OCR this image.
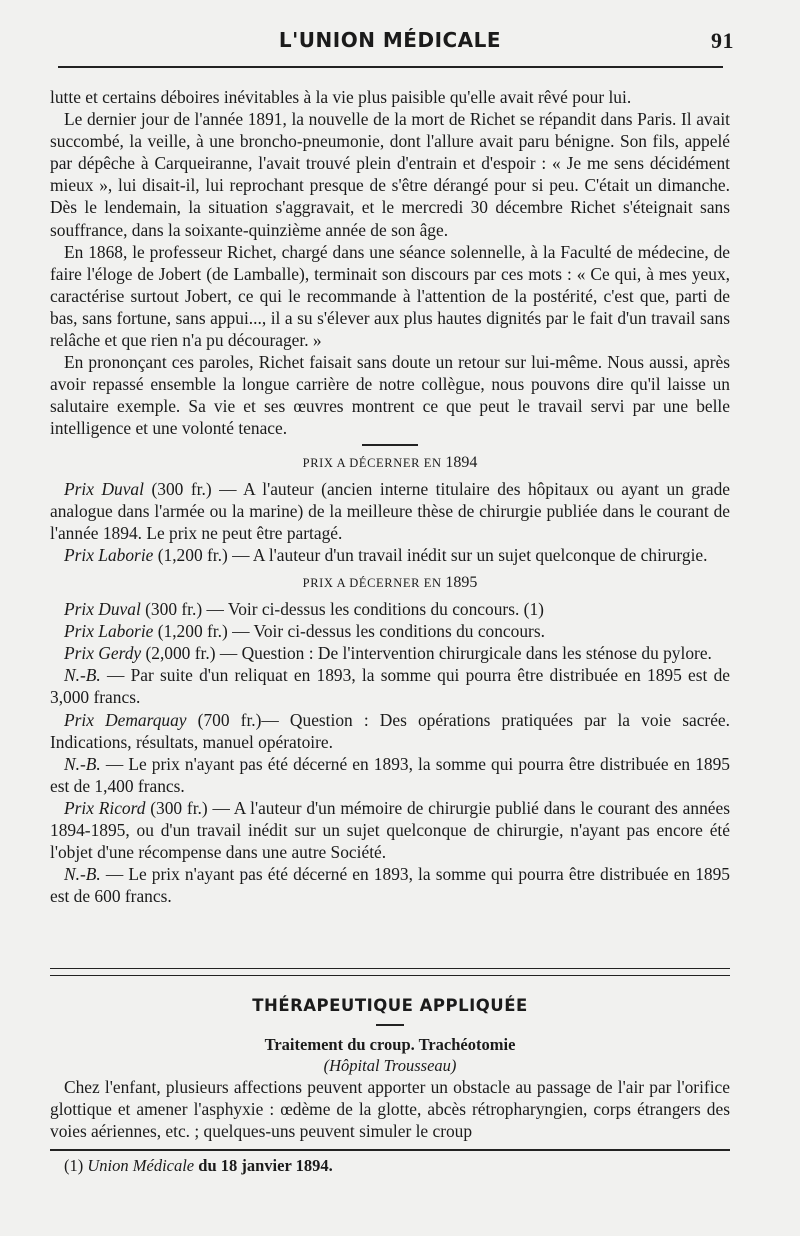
L'UNION MÉDICALE	91

lutte et certains déboires inévitables à la vie plus paisible qu'elle avait rêvé pour lui.

Le dernier jour de l'année 1891, la nouvelle de la mort de Richet se répandit dans Paris. Il avait succombé, la veille, à une broncho-pneumonie, dont l'allure avait paru bénigne. Son fils, appelé par dépêche à Carqueiranne, l'avait trouvé plein d'entrain et d'espoir : « Je me sens décidément mieux », lui disait-il, lui reprochant presque de s'être dérangé pour si peu. C'était un dimanche. Dès le lendemain, la situation s'aggravait, et le mercredi 30 décembre Richet s'éteignait sans souffrance, dans la soixante-quinzième année de son âge.

En 1868, le professeur Richet, chargé dans une séance solennelle, à la Faculté de médecine, de faire l'éloge de Jobert (de Lamballe), terminait son discours par ces mots : « Ce qui, à mes yeux, caractérise surtout Jobert, ce qui le recommande à l'attention de la postérité, c'est que, parti de bas, sans fortune, sans appui..., il a su s'élever aux plus hautes dignités par le fait d'un travail sans relâche et que rien n'a pu décourager. »

En prononçant ces paroles, Richet faisait sans doute un retour sur lui-même. Nous aussi, après avoir repassé ensemble la longue carrière de notre collègue, nous pouvons dire qu'il laisse un salutaire exemple. Sa vie et ses œuvres montrent ce que peut le travail servi par une belle intelligence et une volonté tenace.

PRIX A DÉCERNER EN 1894

Prix Duval (300 fr.) — A l'auteur (ancien interne titulaire des hôpitaux ou ayant un grade analogue dans l'armée ou la marine) de la meilleure thèse de chirurgie publiée dans le courant de l'année 1894. Le prix ne peut être partagé.

Prix Laborie (1,200 fr.) — A l'auteur d'un travail inédit sur un sujet quelconque de chirurgie.

PRIX A DÉCERNER EN 1895

Prix Duval (300 fr.) — Voir ci-dessus les conditions du concours. (1)

Prix Laborie (1,200 fr.) — Voir ci-dessus les conditions du concours.

Prix Gerdy (2,000 fr.) — Question : De l'intervention chirurgicale dans les sténose du pylore.

N.-B. — Par suite d'un reliquat en 1893, la somme qui pourra être distribuée en 1895 est de 3,000 francs.

Prix Demarquay (700 fr.)— Question : Des opérations pratiquées par la voie sacrée. Indications, résultats, manuel opératoire.

N.-B. — Le prix n'ayant pas été décerné en 1893, la somme qui pourra être distribuée en 1895 est de 1,400 francs.

Prix Ricord (300 fr.) — A l'auteur d'un mémoire de chirurgie publié dans le courant des années 1894-1895, ou d'un travail inédit sur un sujet quelconque de chirurgie, n'ayant pas encore été l'objet d'une récompense dans une autre Société.

N.-B. — Le prix n'ayant pas été décerné en 1893, la somme qui pourra être distribuée en 1895 est de 600 francs.

THÉRAPEUTIQUE APPLIQUÉE
Traitement du croup. Trachéotomie
(Hôpital Trousseau)

Chez l'enfant, plusieurs affections peuvent apporter un obstacle au passage de l'air par l'orifice glottique et amener l'asphyxie : œdème de la glotte, abcès rétropharyngien, corps étrangers des voies aériennes, etc. ; quelques-uns peuvent simuler le croup

(1) Union Médicale du 18 janvier 1894.
